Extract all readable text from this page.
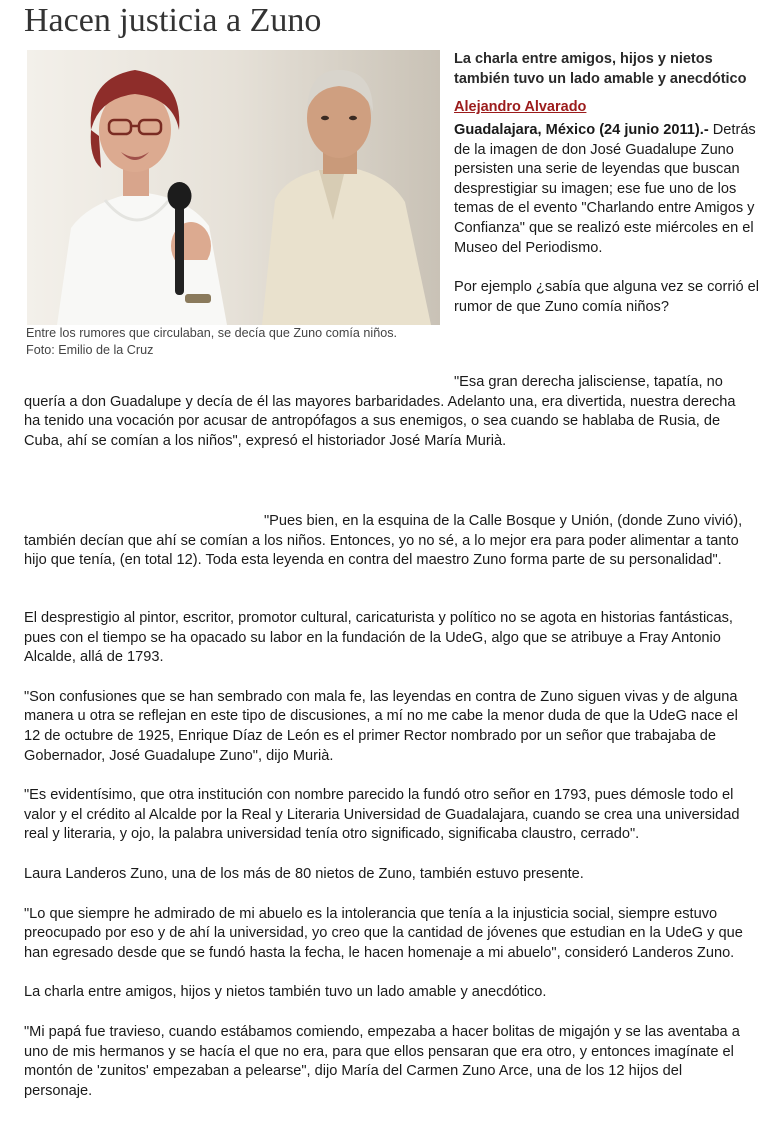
Hacen justicia a Zuno
Entre los rumores que circulaban, se decía que Zuno comía niños.
Foto: Emilio de la Cruz

La charla entre amigos, hijos y nietos también tuvo un lado amable y anecdótico

Alejandro Alvarado

Guadalajara, México (24 junio 2011).- Detrás de la imagen de don José Guadalupe Zuno persisten una serie de leyendas que buscan desprestigiar su imagen; ese fue uno de los temas de el evento "Charlando entre Amigos y Confianza" que se realizó este miércoles en el Museo del Periodismo.

Por ejemplo ¿sabía que alguna vez se corrió el rumor de que Zuno comía niños?

"Esa gran derecha jalisciense, tapatía, no quería a don Guadalupe y decía de él las mayores barbaridades. Adelanto una, era divertida, nuestra derecha ha tenido una vocación por acusar de antropófagos a sus enemigos, o sea cuando se hablaba de Rusia, de Cuba, ahí se comían a los niños", expresó el historiador José María Murià.

"Pues bien, en la esquina de la Calle Bosque y Unión, (donde Zuno vivió), también decían que ahí se comían a los niños. Entonces, yo no sé, a lo mejor era para poder alimentar a tanto hijo que tenía, (en total 12). Toda esta leyenda en contra del maestro Zuno forma parte de su personalidad".

El desprestigio al pintor, escritor, promotor cultural, caricaturista y político no se agota en historias fantásticas, pues con el tiempo se ha opacado su labor en la fundación de la UdeG, algo que se atribuye a Fray Antonio Alcalde, allá de 1793.

"Son confusiones que se han sembrado con mala fe, las leyendas en contra de Zuno siguen vivas y de alguna manera u otra se reflejan en este tipo de discusiones, a mí no me cabe la menor duda de que la UdeG nace el 12 de octubre de 1925, Enrique Díaz de León es el primer Rector nombrado por un señor que trabajaba de Gobernador, José Guadalupe Zuno", dijo Murià.

"Es evidentísimo, que otra institución con nombre parecido la fundó otro señor en 1793, pues démosle todo el valor y el crédito al Alcalde por la Real y Literaria Universidad de Guadalajara, cuando se crea una universidad real y literaria, y ojo, la palabra universidad tenía otro significado, significaba claustro, cerrado".

Laura Landeros Zuno, una de los más de 80 nietos de Zuno, también estuvo presente.

"Lo que siempre he admirado de mi abuelo es la intolerancia que tenía a la injusticia social, siempre estuvo preocupado por eso y de ahí la universidad, yo creo que la cantidad de jóvenes que estudian en la UdeG y que han egresado desde que se fundó hasta la fecha, le hacen homenaje a mi abuelo", consideró Landeros Zuno.

La charla entre amigos, hijos y nietos también tuvo un lado amable y anecdótico.

"Mi papá fue travieso, cuando estábamos comiendo, empezaba a hacer bolitas de migajón y se las aventaba a uno de mis hermanos y se hacía el que no era, para que ellos pensaran que era otro, y entonces imagínate el montón de 'zunitos' empezaban a pelearse", dijo María del Carmen Zuno Arce, una de los 12 hijos del personaje.
